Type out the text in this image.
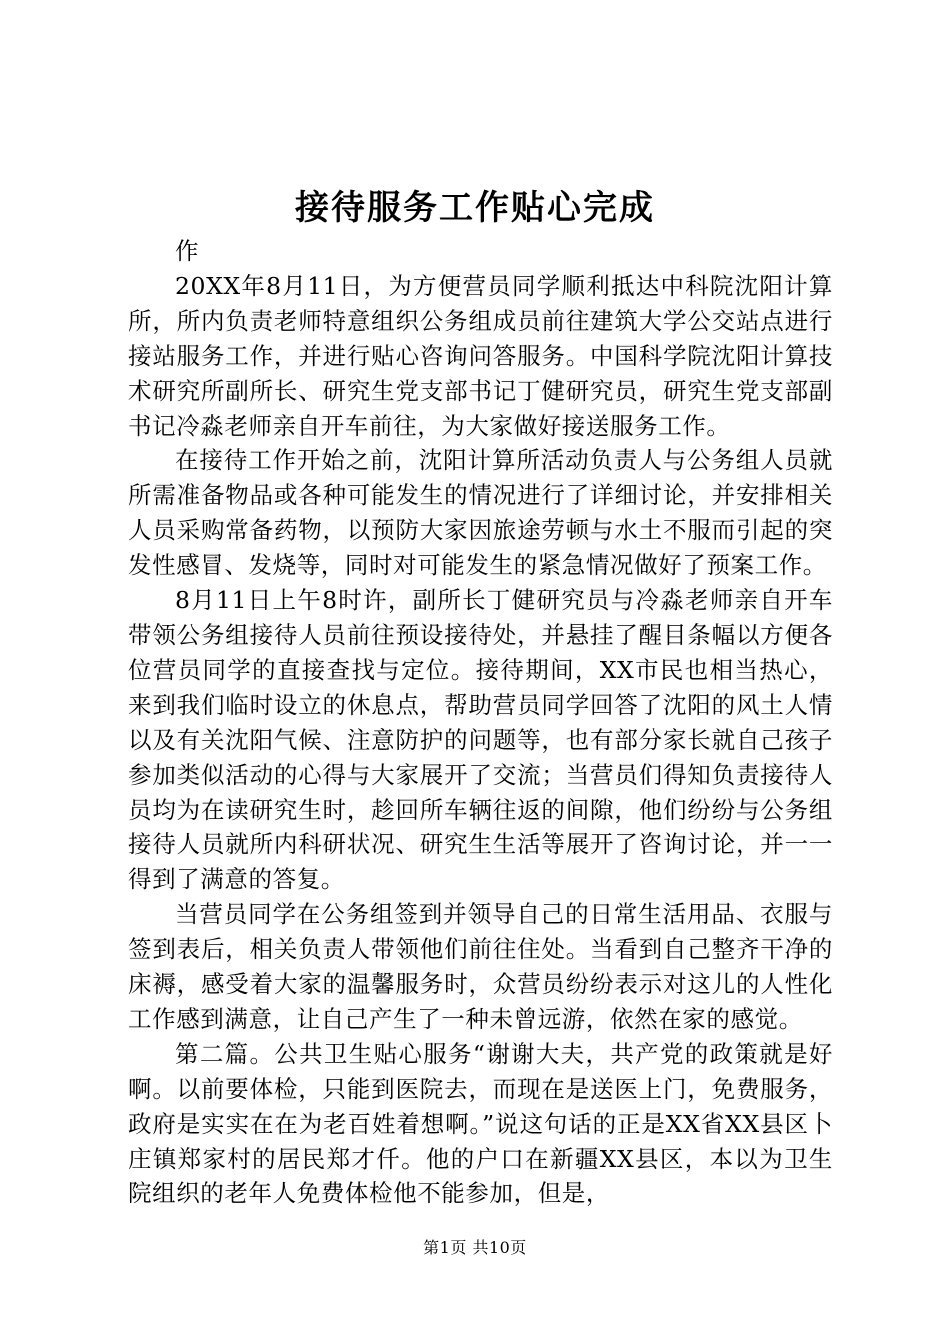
接待服务工作贴心完成

作

20XX年8月11日，为方便营员同学顺利抵达中科院沈阳计算所，所内负责老师特意组织公务组成员前往建筑大学公交站点进行接站服务工作，并进行贴心咨询问答服务。中国科学院沈阳计算技术研究所副所长、研究生党支部书记丁健研究员，研究生党支部副书记冷淼老师亲自开车前往，为大家做好接送服务工作。

在接待工作开始之前，沈阳计算所活动负责人与公务组人员就所需准备物品或各种可能发生的情况进行了详细讨论，并安排相关人员采购常备药物，以预防大家因旅途劳顿与水土不服而引起的突发性感冒、发烧等，同时对可能发生的紧急情况做好了预案工作。

8月11日上午8时许，副所长丁健研究员与冷淼老师亲自开车带领公务组接待人员前往预设接待处，并悬挂了醒目条幅以方便各位营员同学的直接查找与定位。接待期间，XX市民也相当热心，来到我们临时设立的休息点，帮助营员同学回答了沈阳的风土人情以及有关沈阳气候、注意防护的问题等，也有部分家长就自己孩子参加类似活动的心得与大家展开了交流；当营员们得知负责接待人员均为在读研究生时，趁回所车辆往返的间隙，他们纷纷与公务组接待人员就所内科研状况、研究生生活等展开了咨询讨论，并一一得到了满意的答复。

当营员同学在公务组签到并领导自己的日常生活用品、衣服与签到表后，相关负责人带领他们前往住处。当看到自己整齐干净的床褥，感受着大家的温馨服务时，众营员纷纷表示对这儿的人性化工作感到满意，让自己产生了一种未曾远游，依然在家的感觉。

第二篇。公共卫生贴心服务“谢谢大夫，共产党的政策就是好啊。以前要体检，只能到医院去，而现在是送医上门，免费服务，政府是实实在在为老百姓着想啊。”说这句话的正是XX省XX县区卜庄镇郑家村的居民郑才仟。他的户口在新疆XX县区，本以为卫生院组织的老年人免费体检他不能参加，但是，

第1页 共10页
